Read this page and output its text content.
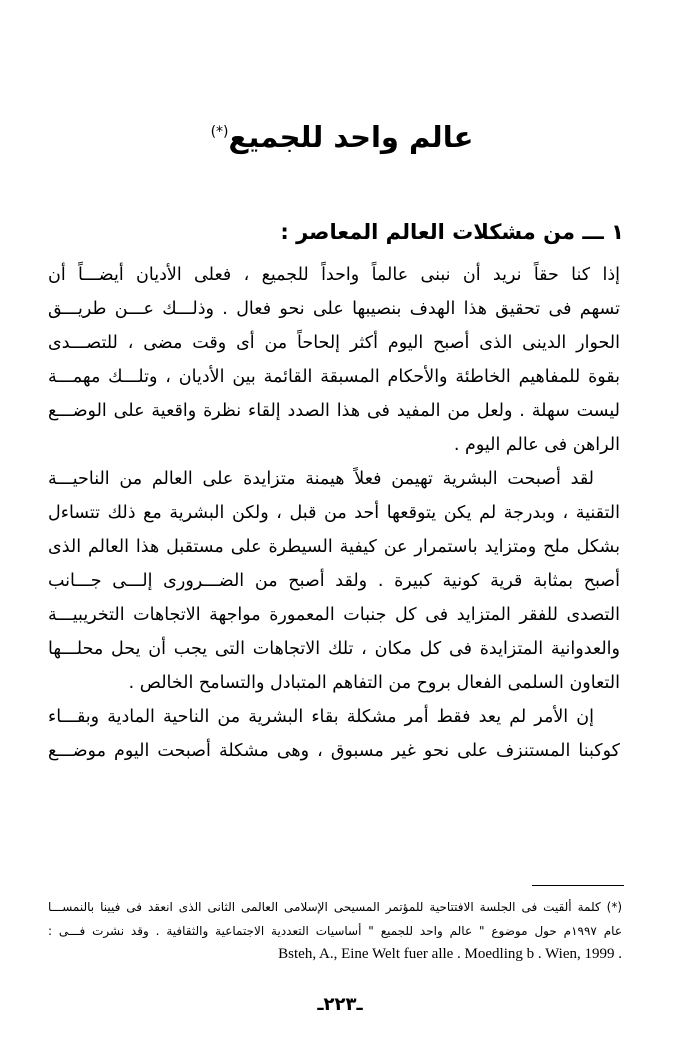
عالم واحد للجميع(*)
١ ـــ من مشكلات العالم المعاصر :

إذا كنا حقاً نريد أن نبنى عالماً واحداً للجميع ، فعلى الأديان أيضـــاً أن

تسهم فى تحقيق هذا الهدف بنصيبها على نحو فعال . وذلـــك عـــن طريـــق

الحوار الدينى الذى أصبح اليوم أكثر إلحاحاً من أى وقت مضى ، للتصـــدى

بقوة للمفاهيم الخاطئة والأحكام المسبقة القائمة بين الأديان ، وتلـــك مهمـــة

ليست سهلة . ولعل من المفيد فى هذا الصدد إلقاء نظرة واقعية على الوضـــع

الراهن فى عالم اليوم .

لقد أصبحت البشرية تهيمن فعلاً هيمنة متزايدة على العالم من الناحيـــة

التقنية ، وبدرجة لم يكن يتوقعها أحد من قبل ، ولكن البشرية مع ذلك تتساءل

بشكل ملح ومتزايد باستمرار عن كيفية السيطرة على مستقبل هذا العالم الذى

أصبح بمثابة قرية كونية كبيرة . ولقد أصبح من الضـــرورى إلـــى جـــانب

التصدى للفقر المتزايد فى كل جنبات المعمورة مواجهة الاتجاهات التخريبيـــة

والعدوانية المتزايدة فى كل مكان ، تلك الاتجاهات التى يجب أن يحل محلـــها

التعاون السلمى الفعال بروح من التفاهم المتبادل والتسامح الخالص .

إن الأمر لم يعد فقط أمر مشكلة بقاء البشرية من الناحية المادية وبقـــاء

كوكبنا المستنزف على نحو غير مسبوق ، وهى مشكلة أصبحت اليوم موضـــع

(*) كلمة ألقيت فى الجلسة الافتتاحية للمؤتمر المسيحى الإسلامى العالمى الثانى الذى انعقد فى فيينا بالنمســـا

عام ١٩٩٧م حول موضوع " عالم واحد للجميع " أساسيات التعددية الاجتماعية والثقافية . وقد نشرت فـــى :

Bsteh, A., Eine Welt fuer alle . Moedling b . Wien, 1999 .

ـ٢٢٣ـ
